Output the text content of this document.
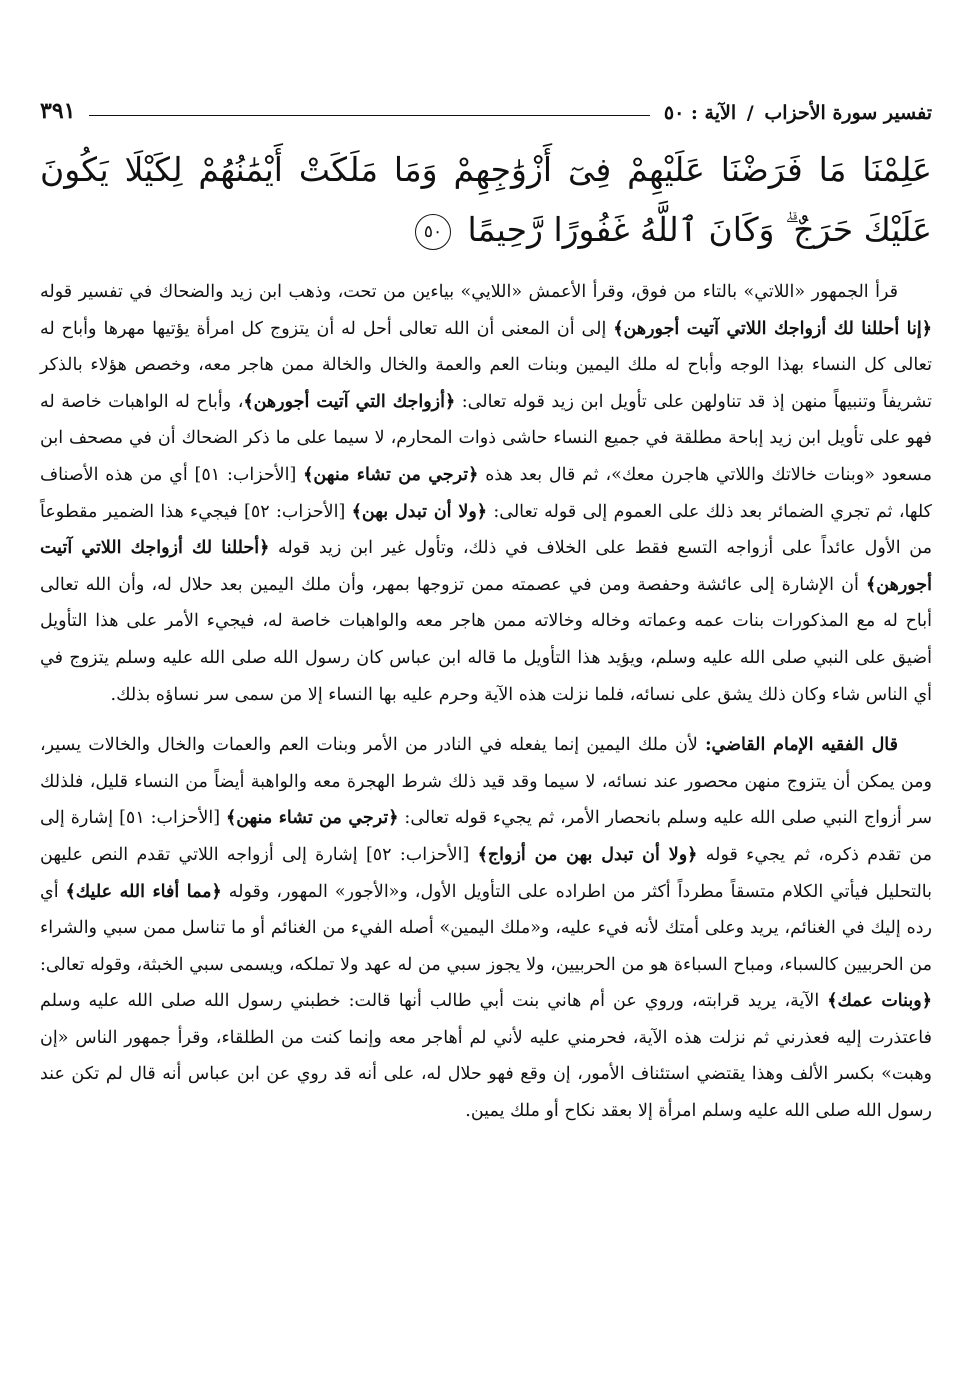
تفسير سورة الأحزاب / الآية : ٥٠
٣٩١
عَلِمْنَا مَا فَرَضْنَا عَلَيْهِمْ فِىٓ أَزْوَٰجِهِمْ وَمَا مَلَكَتْ أَيْمَٰنُهُمْ لِكَيْلَا يَكُونَ عَلَيْكَ حَرَجٌ ۗ وَكَانَ ٱللَّهُ غَفُورًا رَّحِيمًا
٥٠

قرأ الجمهور «اللاتي» بالتاء من فوق، وقرأ الأعمش «اللايي» بياءين من تحت، وذهب ابن زيد والضحاك في تفسير قوله ﴿إنا أحللنا لك أزواجك اللاتي آتيت أجورهن﴾ إلى أن المعنى أن الله تعالى أحل له أن يتزوج كل امرأة يؤتيها مهرها وأباح له تعالى كل النساء بهذا الوجه وأباح له ملك اليمين وبنات العم والعمة والخال والخالة ممن هاجر معه، وخصص هؤلاء بالذكر تشريفاً وتنبيهاً منهن إذ قد تناولهن على تأويل ابن زيد قوله تعالى: ﴿أزواجك التي آتيت أجورهن﴾، وأباح له الواهبات خاصة له فهو على تأويل ابن زيد إباحة مطلقة في جميع النساء حاشى ذوات المحارم، لا سيما على ما ذكر الضحاك أن في مصحف ابن مسعود «وبنات خالاتك واللاتي هاجرن معك»، ثم قال بعد هذه ﴿ترجي من تشاء منهن﴾ [الأحزاب: ٥١] أي من هذه الأصناف كلها، ثم تجري الضمائر بعد ذلك على العموم إلى قوله تعالى: ﴿ولا أن تبدل بهن﴾ [الأحزاب: ٥٢] فيجيء هذا الضمير مقطوعاً من الأول عائداً على أزواجه التسع فقط على الخلاف في ذلك، وتأول غير ابن زيد قوله ﴿أحللنا لك أزواجك اللاتي آتيت أجورهن﴾ أن الإشارة إلى عائشة وحفصة ومن في عصمته ممن تزوجها بمهر، وأن ملك اليمين بعد حلال له، وأن الله تعالى أباح له مع المذكورات بنات عمه وعماته وخاله وخالاته ممن هاجر معه والواهبات خاصة له، فيجيء الأمر على هذا التأويل أضيق على النبي صلى الله عليه وسلم، ويؤيد هذا التأويل ما قاله ابن عباس كان رسول الله صلى الله عليه وسلم يتزوج في أي الناس شاء وكان ذلك يشق على نسائه، فلما نزلت هذه الآية وحرم عليه بها النساء إلا من سمى سر نساؤه بذلك.

قال الفقيه الإمام القاضي: لأن ملك اليمين إنما يفعله في النادر من الأمر وبنات العم والعمات والخال والخالات يسير، ومن يمكن أن يتزوج منهن محصور عند نسائه، لا سيما وقد قيد ذلك شرط الهجرة معه والواهبة أيضاً من النساء قليل، فلذلك سر أزواج النبي صلى الله عليه وسلم بانحصار الأمر، ثم يجيء قوله تعالى: ﴿ترجي من تشاء منهن﴾ [الأحزاب: ٥١] إشارة إلى من تقدم ذكره، ثم يجيء قوله ﴿ولا أن تبدل بهن من أزواج﴾ [الأحزاب: ٥٢] إشارة إلى أزواجه اللاتي تقدم النص عليهن بالتحليل فيأتي الكلام متسقاً مطرداً أكثر من اطراده على التأويل الأول، و«الأجور» المهور، وقوله ﴿مما أفاء الله عليك﴾ أي رده إليك في الغنائم، يريد وعلى أمتك لأنه فيء عليه، و«ملك اليمين» أصله الفيء من الغنائم أو ما تناسل ممن سبي والشراء من الحربيين كالسباء، ومباح السباءة هو من الحربيين، ولا يجوز سبي من له عهد ولا تملكه، ويسمى سبي الخبثة، وقوله تعالى: ﴿وبنات عمك﴾ الآية، يريد قرابته، وروي عن أم هاني بنت أبي طالب أنها قالت: خطبني رسول الله صلى الله عليه وسلم فاعتذرت إليه فعذرني ثم نزلت هذه الآية، فحرمني عليه لأني لم أهاجر معه وإنما كنت من الطلقاء، وقرأ جمهور الناس «إن وهبت» بكسر الألف وهذا يقتضي استئناف الأمور، إن وقع فهو حلال له، على أنه قد روي عن ابن عباس أنه قال لم تكن عند رسول الله صلى الله عليه وسلم امرأة إلا بعقد نكاح أو ملك يمين.
